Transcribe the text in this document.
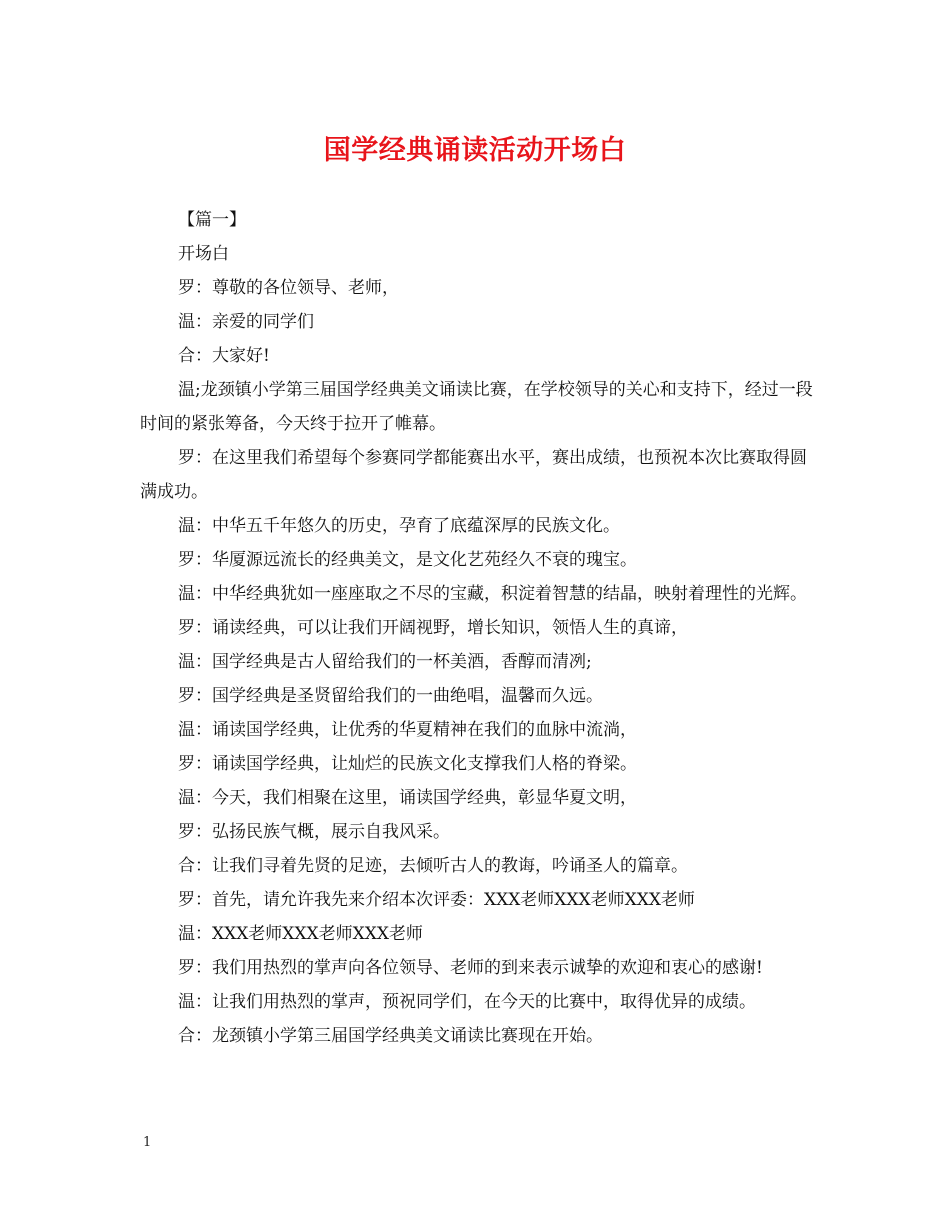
国学经典诵读活动开场白

【篇一】

开场白

罗：尊敬的各位领导、老师，

温：亲爱的同学们

合：大家好!

温;龙颈镇小学第三届国学经典美文诵读比赛，在学校领导的关心和支持下，经过一段时间的紧张筹备，今天终于拉开了帷幕。

罗：在这里我们希望每个参赛同学都能赛出水平，赛出成绩，也预祝本次比赛取得圆满成功。

温：中华五千年悠久的历史，孕育了底蕴深厚的民族文化。

罗：华厦源远流长的经典美文，是文化艺苑经久不衰的瑰宝。

温：中华经典犹如一座座取之不尽的宝藏，积淀着智慧的结晶，映射着理性的光辉。

罗：诵读经典，可以让我们开阔视野，增长知识，领悟人生的真谛，

温：国学经典是古人留给我们的一杯美酒，香醇而清冽;

罗：国学经典是圣贤留给我们的一曲绝唱，温馨而久远。

温：诵读国学经典，让优秀的华夏精神在我们的血脉中流淌，

罗：诵读国学经典，让灿烂的民族文化支撑我们人格的脊梁。

温：今天，我们相聚在这里，诵读国学经典，彰显华夏文明，

罗：弘扬民族气概，展示自我风采。

合：让我们寻着先贤的足迹，去倾听古人的教诲，吟诵圣人的篇章。

罗：首先，请允许我先来介绍本次评委：XXX老师XXX老师XXX老师

温：XXX老师XXX老师XXX老师

罗：我们用热烈的掌声向各位领导、老师的到来表示诚挚的欢迎和衷心的感谢!

温：让我们用热烈的掌声，预祝同学们，在今天的比赛中，取得优异的成绩。

合：龙颈镇小学第三届国学经典美文诵读比赛现在开始。

1
